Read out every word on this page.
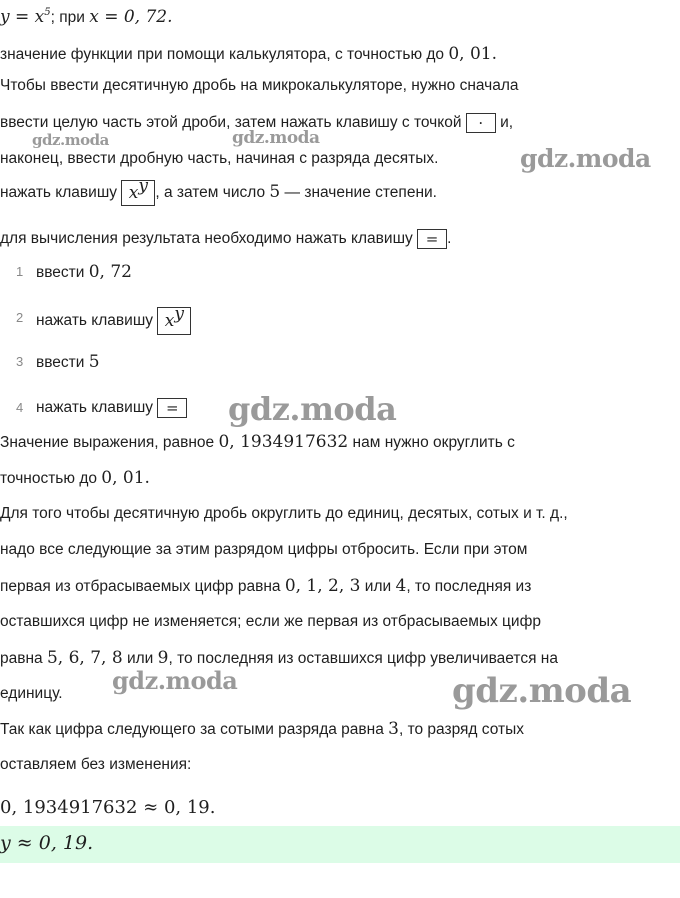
$y = x^5$; при x = 0, 72.
значение функции при помощи калькулятора, с точностью до 0, 01.
Чтобы ввести десятичную дробь на микрокалькуляторе, нужно сначала
ввести целую часть этой дроби, затем нажать клавишу с точкой · и,
наконец, ввести дробную часть, начиная с разряда десятых.
нажать клавишу $x^y$ , а затем число 5 — значение степени.
для вычисления результата необходимо нажать клавишу = .
1 ввести 0, 72
2 нажать клавишу $x^y$
3 ввести 5
4 нажать клавишу =
Значение выражения, равное 0, 1934917632 нам нужно округлить с
точностью до 0, 01.
Для того чтобы десятичную дробь округлить до единиц, десятых, сотых и т. д.,
надо все следующие за этим разрядом цифры отбросить. Если при этом
первая из отбрасываемых цифр равна 0, 1, 2, 3 или 4, то последняя из
оставшихся цифр не изменяется; если же первая из отбрасываемых цифр
равна 5, 6, 7, 8 или 9, то последняя из оставшихся цифр увеличивается на
единицу.
Так как цифра следующего за сотыми разряда равна 3, то разряд сотых
оставляем без изменения:
0, 1934917632 ≈ 0, 19.
y ≈ 0, 19.
gdz.moda	gdz.moda
gdz.moda
gdz.moda
gdz.moda	gdz.moda
